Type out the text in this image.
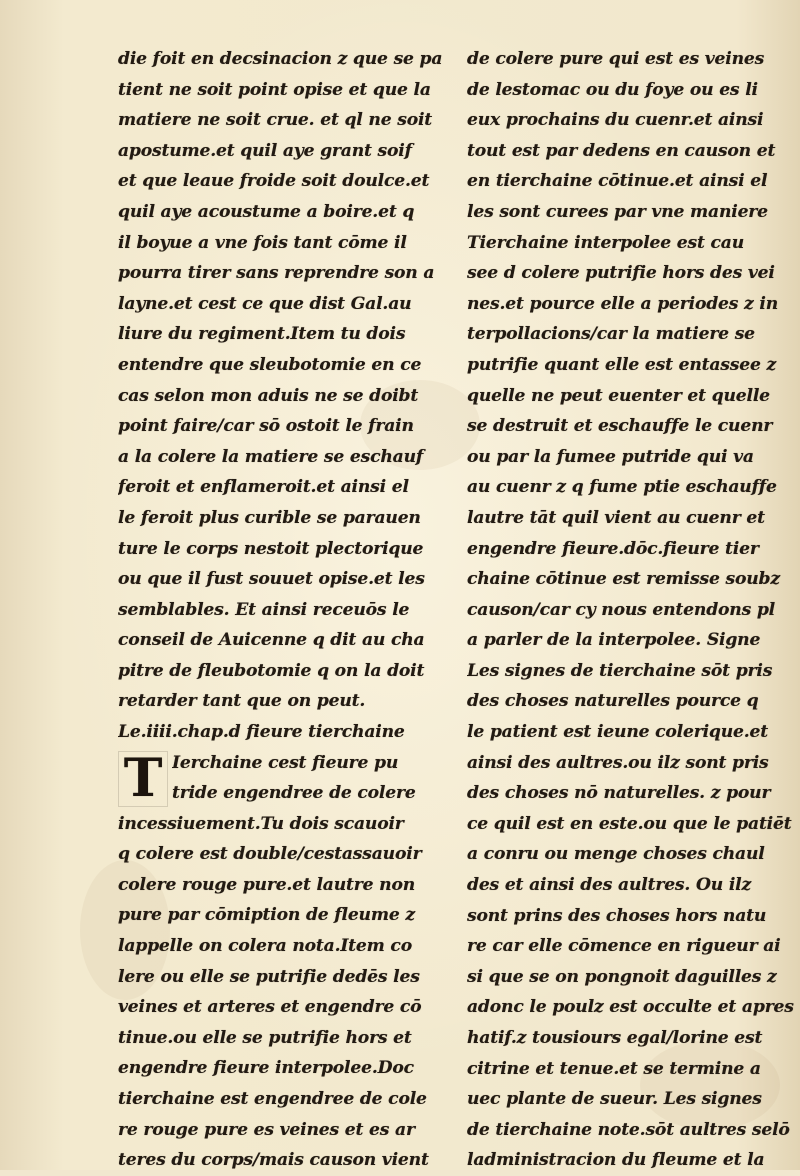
die foit en decsinacion z que se pa
tient ne soit point opise et que la
matiere ne soit crue. et ql ne soit
apostume.et quil aye grant soif
et que leaue froide soit doulce.et
quil aye acoustume a boire.et q
il boyue a vne fois tant cōme il
pourra tirer sans reprendre son a
layne.et cest ce que dist Gal.au
liure du regiment.Item tu dois
entendre que sleubotomie en ce
cas selon mon aduis ne se doibt
point faire/car sō ostoit le frain
a la colere la matiere se eschauf
feroit et enflameroit.et ainsi el
le feroit plus curible se parauen
ture le corps nestoit plectorique
ou que il fust souuet opise.et les
semblables. Et ainsi receuōs le
conseil de Auicenne q dit au cha
pitre de fleubotomie q on la doit
retarder tant que on peut.
Le.iiii.chap.d fieure tierchaine
T Ierchaine cest fieure pu
tride engendree de colere
incessiuement.Tu dois scauoir
q colere est double/cestassauoir
colere rouge pure.et lautre non
pure par cōmiption de fleume z
lappelle on colera nota.Item co
lere ou elle se putrifie dedēs les
veines et arteres et engendre cō
tinue.ou elle se putrifie hors et
engendre fieure interpolee.Doc
tierchaine est engendree de cole
re rouge pure es veines et es ar
teres du corps/mais causon vient
de colere pure qui est es veines
de lestomac ou du foye ou es li
eux prochains du cuenr.et ainsi
tout est par dedens en causon et
en tierchaine cōtinue.et ainsi el
les sont curees par vne maniere
Tierchaine interpolee est cau
see d colere putrifie hors des vei
nes.et pource elle a periodes z in
terpollacions/car la matiere se
putrifie quant elle est entassee z
quelle ne peut euenter et quelle
se destruit et eschauffe le cuenr
ou par la fumee putride qui va
au cuenr z q fume ptie eschauffe
lautre tāt quil vient au cuenr et
engendre fieure.dōc.fieure tier
chaine cōtinue est remisse soubz
causon/car cy nous entendons pl
a parler de la interpolee. Signe
Les signes de tierchaine sōt pris
des choses naturelles pource q
le patient est ieune colerique.et
ainsi des aultres.ou ilz sont pris
des choses nō naturelles. z pour
ce quil est en este.ou que le patiēt
a conru ou menge choses chaul
des et ainsi des aultres. Ou ilz
sont prins des choses hors natu
re car elle cōmence en rigueur ai
si que se on pongnoit daguilles z
adonc le poulz est occulte et apres
hatif.z tousiours egal/lorine est
citrine et tenue.et se termine a
uec plante de sueur. Les signes
de tierchaine note.sōt aultres selō
ladministracion du fleume et la
